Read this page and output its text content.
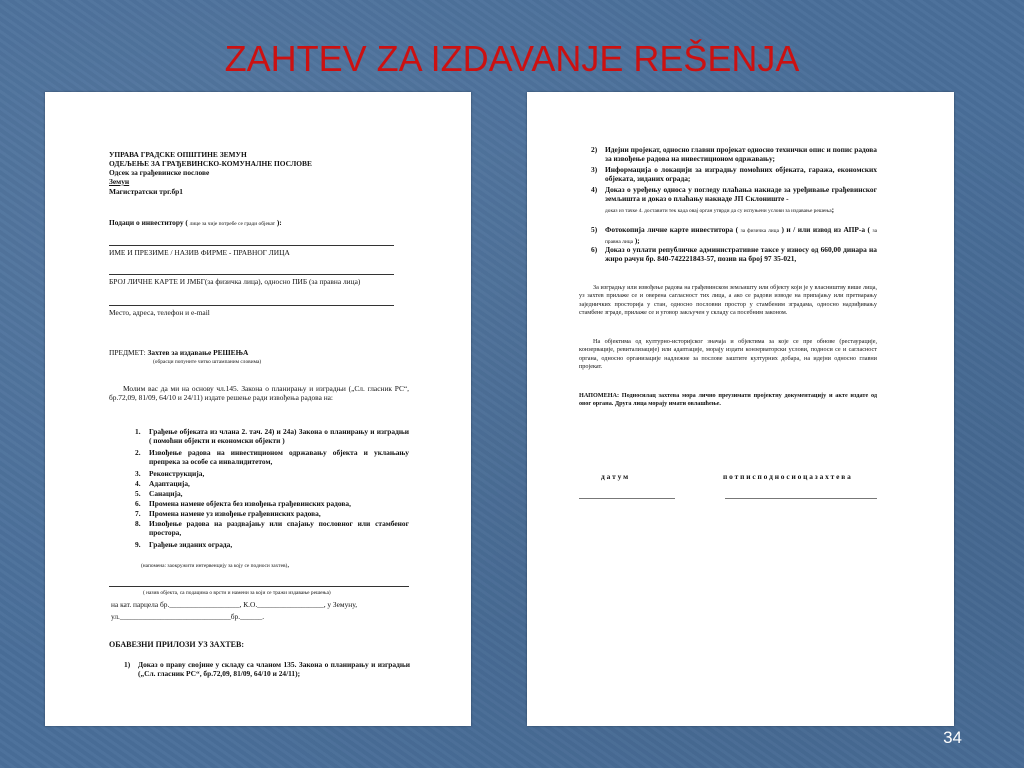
ZAHTEV ZA IZDAVANJE REŠENJA
УПРАВА ГРАДСКЕ ОПШТИНЕ ЗЕМУН
ОДЕЉЕЊЕ ЗА ГРАЂЕВИНСКО-КОМУНАЛНЕ ПОСЛОВЕ
Одсек за грађевинске послове
Земун
Магистратски трг.бр1
Подаци о инвеститору ( лице за чије потребе се гради објекат ):
ИМЕ И ПРЕЗИМЕ / НАЗИВ ФИРМЕ - ПРАВНОГ ЛИЦА
БРОЈ ЛИЧНЕ КАРТЕ И ЈМБГ(за физичка лица), односно ПИБ (за правна лица)
Место, адреса, телефон и е-mail
ПРЕДМЕТ: Захтев за издавање РЕШЕЊА
(обрасци попуните читко штампаним словима)
Молим вас да ми на основу чл.145. Закона о планирању и изградњи („Сл. гласник РС“, бр.72,09, 81/09, 64/10 и 24/11) издате решење ради извођења радова на:
1. Грађење објеката из члана 2. тач. 24) и 24а) Закона о планирању и изградњи ( помоћни објекти и економски објекти )
2. Извођење радова на инвестиционом одржавању објекта и уклањању препрека за особе са инвалидитетом,
3. Реконструкција,
4. Адаптација,
5. Санација,
6. Промена намене објекта без извођења грађевинских радова,
7. Промена намене уз извођење грађевинских радова,
8. Извођење радова на раздвајању или спајању пословног или стамбеног простора,
9. Грађење зиданих ограда,
(напомена: заокружити интервенцију за коју се подноси захтев),
( назив објекта, са подацима о врсти и намени за који се тражи издавање решења)
на кат. парцела бр.___________________, К.О.__________________, у Земуну,
ул.______________________________бр.______.
ОБАВЕЗНИ ПРИЛОЗИ УЗ ЗАХТЕВ:
1) Доказ о праву својине у складу са чланом 135. Закона о планирању и изградњи („Сл. гласник РС“, бр.72,09, 81/09, 64/10 и 24/11);
2) Идејни пројекат, односно главни пројекат односно технички опис и попис радова за извођење радова на инвестиционом одржавању;
3) Информација о локацији за изградњу помоћних објеката, гаража, економских објеката, зиданих ограда;
4) Доказ о уређењу односа у погледу плаћања накнаде за уређивање грађевинског земљишта и доказ о плаћању накнаде ЈП Склониште -
доказ из тачке 4. доставити тек када овај орган утврди да су испуњени услови за издавање решења;
5) Фотокопија личне карте инвеститора ( за физичка лица ) и / или извод из АПР-а ( за правна лица );
6) Доказ о уплати републичке административне таксе у износу од 660,00 динара на жиро рачун бр. 840-742221843-57, позив на број 97 35-021,
За изградњу или извођење радова на грађевинском земљишту или објекту који је у власништву више лица, уз захтев прилаже се и оверена сагласност тих лица, а ако се радови изводе на припајању или претварању заједничких просторија у стан, односно пословни простор у стамбеним зградама, односно надзиђивању стамбене зграде, прилаже се и уговор закључен у складу са посебним законом.
На објектима од културно-историјског значаја и објектима за које се пре обнове (рестаурације, конзервације, ревитализације) или адаптације, морају издати конзерваторски услови, подноси се и сагласност органа, односно организације надлежне за послове заштите културних добара, на идејни односно главни пројекат.
НАПОМЕНА: Подносилац захтева мора лично преузимати пројектну документацију и акте издате од овог органа. Друга лица морају имати овлашћење.
д а т у м	п о т п и с п о д н о с и о ц а з а х т е в а
34
